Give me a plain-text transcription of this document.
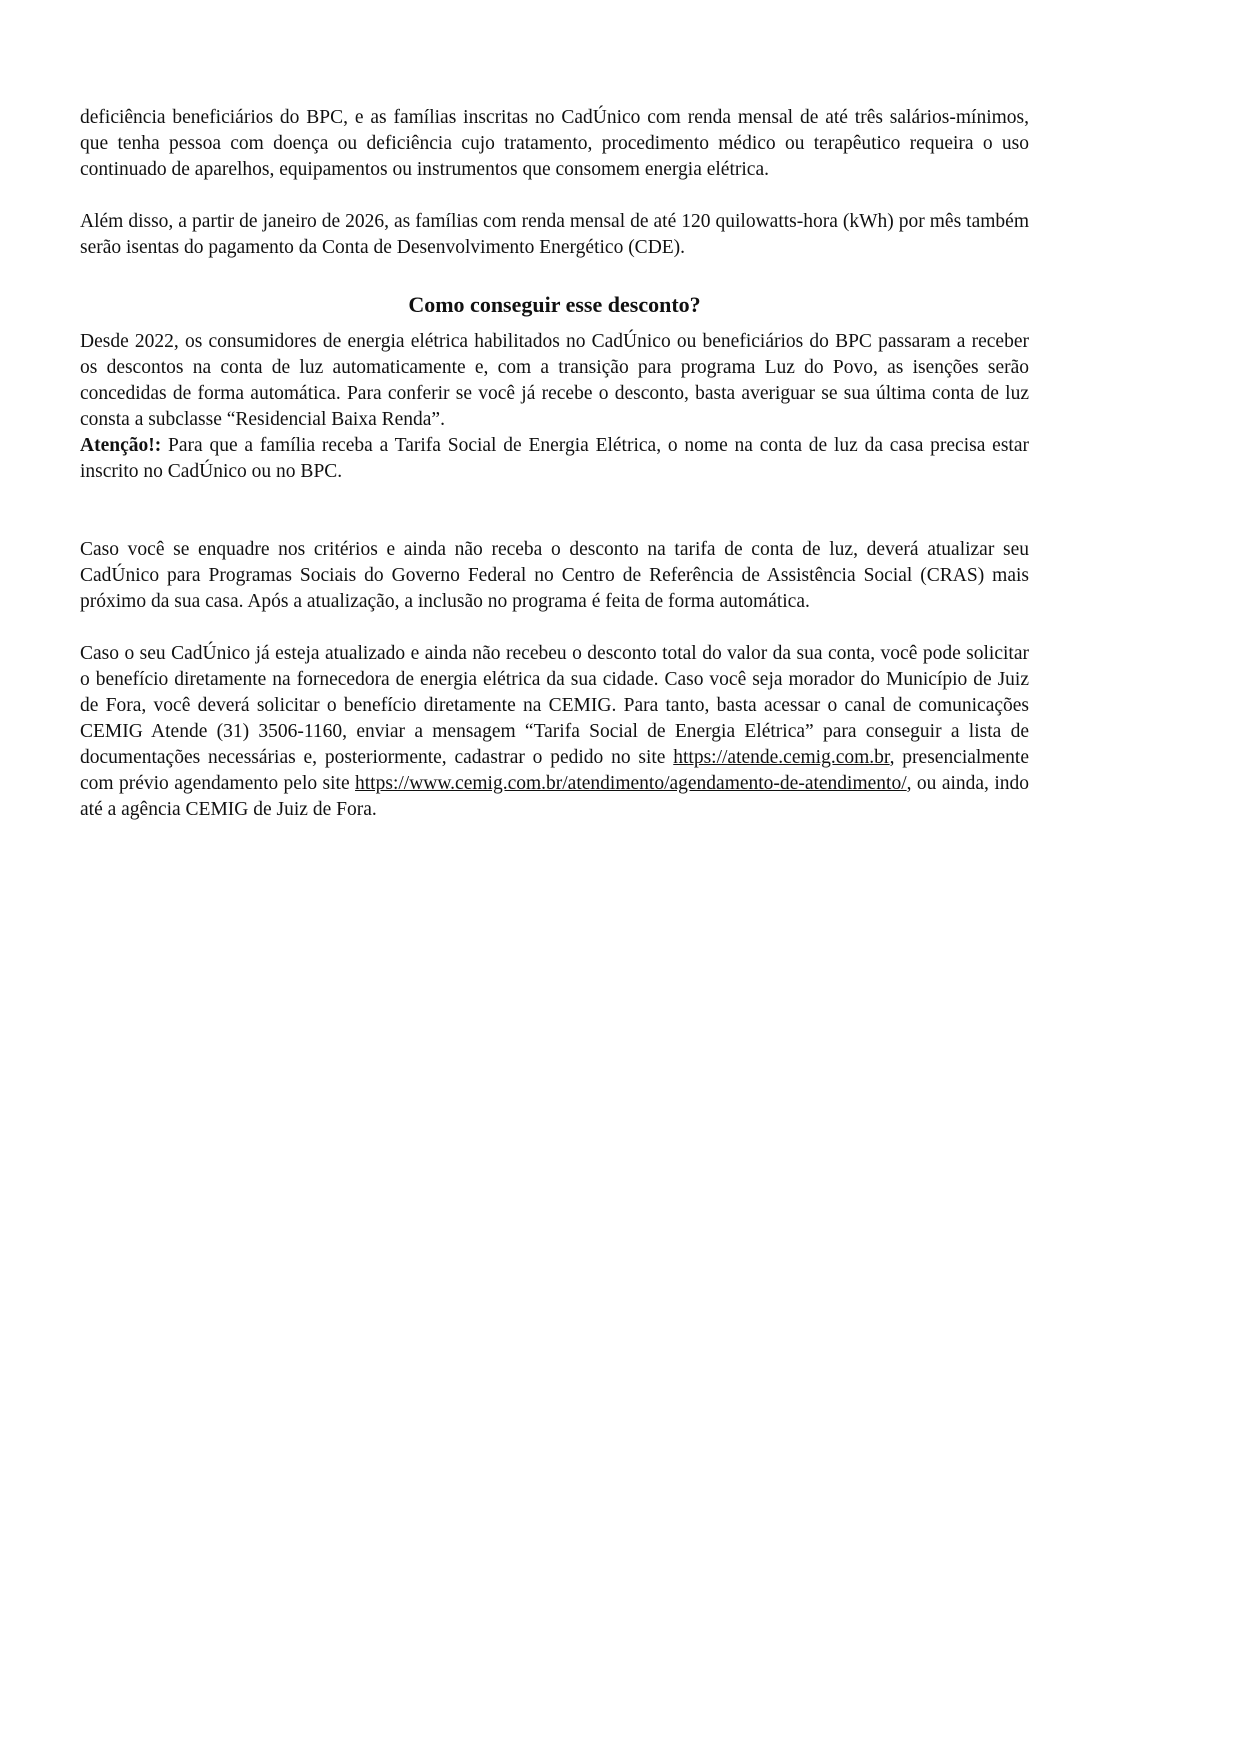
deficiência beneficiários do BPC, e as famílias inscritas no CadÚnico com renda mensal de até três salários-mínimos, que tenha pessoa com doença ou deficiência cujo tratamento, procedimento médico ou terapêutico requeira o uso continuado de aparelhos, equipamentos ou instrumentos que consomem energia elétrica.

Além disso, a partir de janeiro de 2026, as famílias com renda mensal de até 120 quilowatts-hora (kWh) por mês também serão isentas do pagamento da Conta de Desenvolvimento Energético (CDE).

Como conseguir esse desconto?

Desde 2022, os consumidores de energia elétrica habilitados no CadÚnico ou beneficiários do BPC passaram a receber os descontos na conta de luz automaticamente e, com a transição para programa Luz do Povo, as isenções serão concedidas de forma automática. Para conferir se você já recebe o desconto, basta averiguar se sua última conta de luz consta a subclasse “Residencial Baixa Renda”.

Atenção!: Para que a família receba a Tarifa Social de Energia Elétrica, o nome na conta de luz da casa precisa estar inscrito no CadÚnico ou no BPC.

Caso você se enquadre nos critérios e ainda não receba o desconto na tarifa de conta de luz, deverá atualizar seu CadÚnico para Programas Sociais do Governo Federal no Centro de Referência de Assistência Social (CRAS) mais próximo da sua casa. Após a atualização, a inclusão no programa é feita de forma automática.

Caso o seu CadÚnico já esteja atualizado e ainda não recebeu o desconto total do valor da sua conta, você pode solicitar o benefício diretamente na fornecedora de energia elétrica da sua cidade. Caso você seja morador do Município de Juiz de Fora, você deverá solicitar o benefício diretamente na CEMIG. Para tanto, basta acessar o canal de comunicações CEMIG Atende (31) 3506-1160, enviar a mensagem “Tarifa Social de Energia Elétrica” para conseguir a lista de documentações necessárias e, posteriormente, cadastrar o pedido no site https://atende.cemig.com.br, presencialmente com prévio agendamento pelo site https://www.cemig.com.br/atendimento/agendamento-de-atendimento/, ou ainda, indo até a agência CEMIG de Juiz de Fora.
